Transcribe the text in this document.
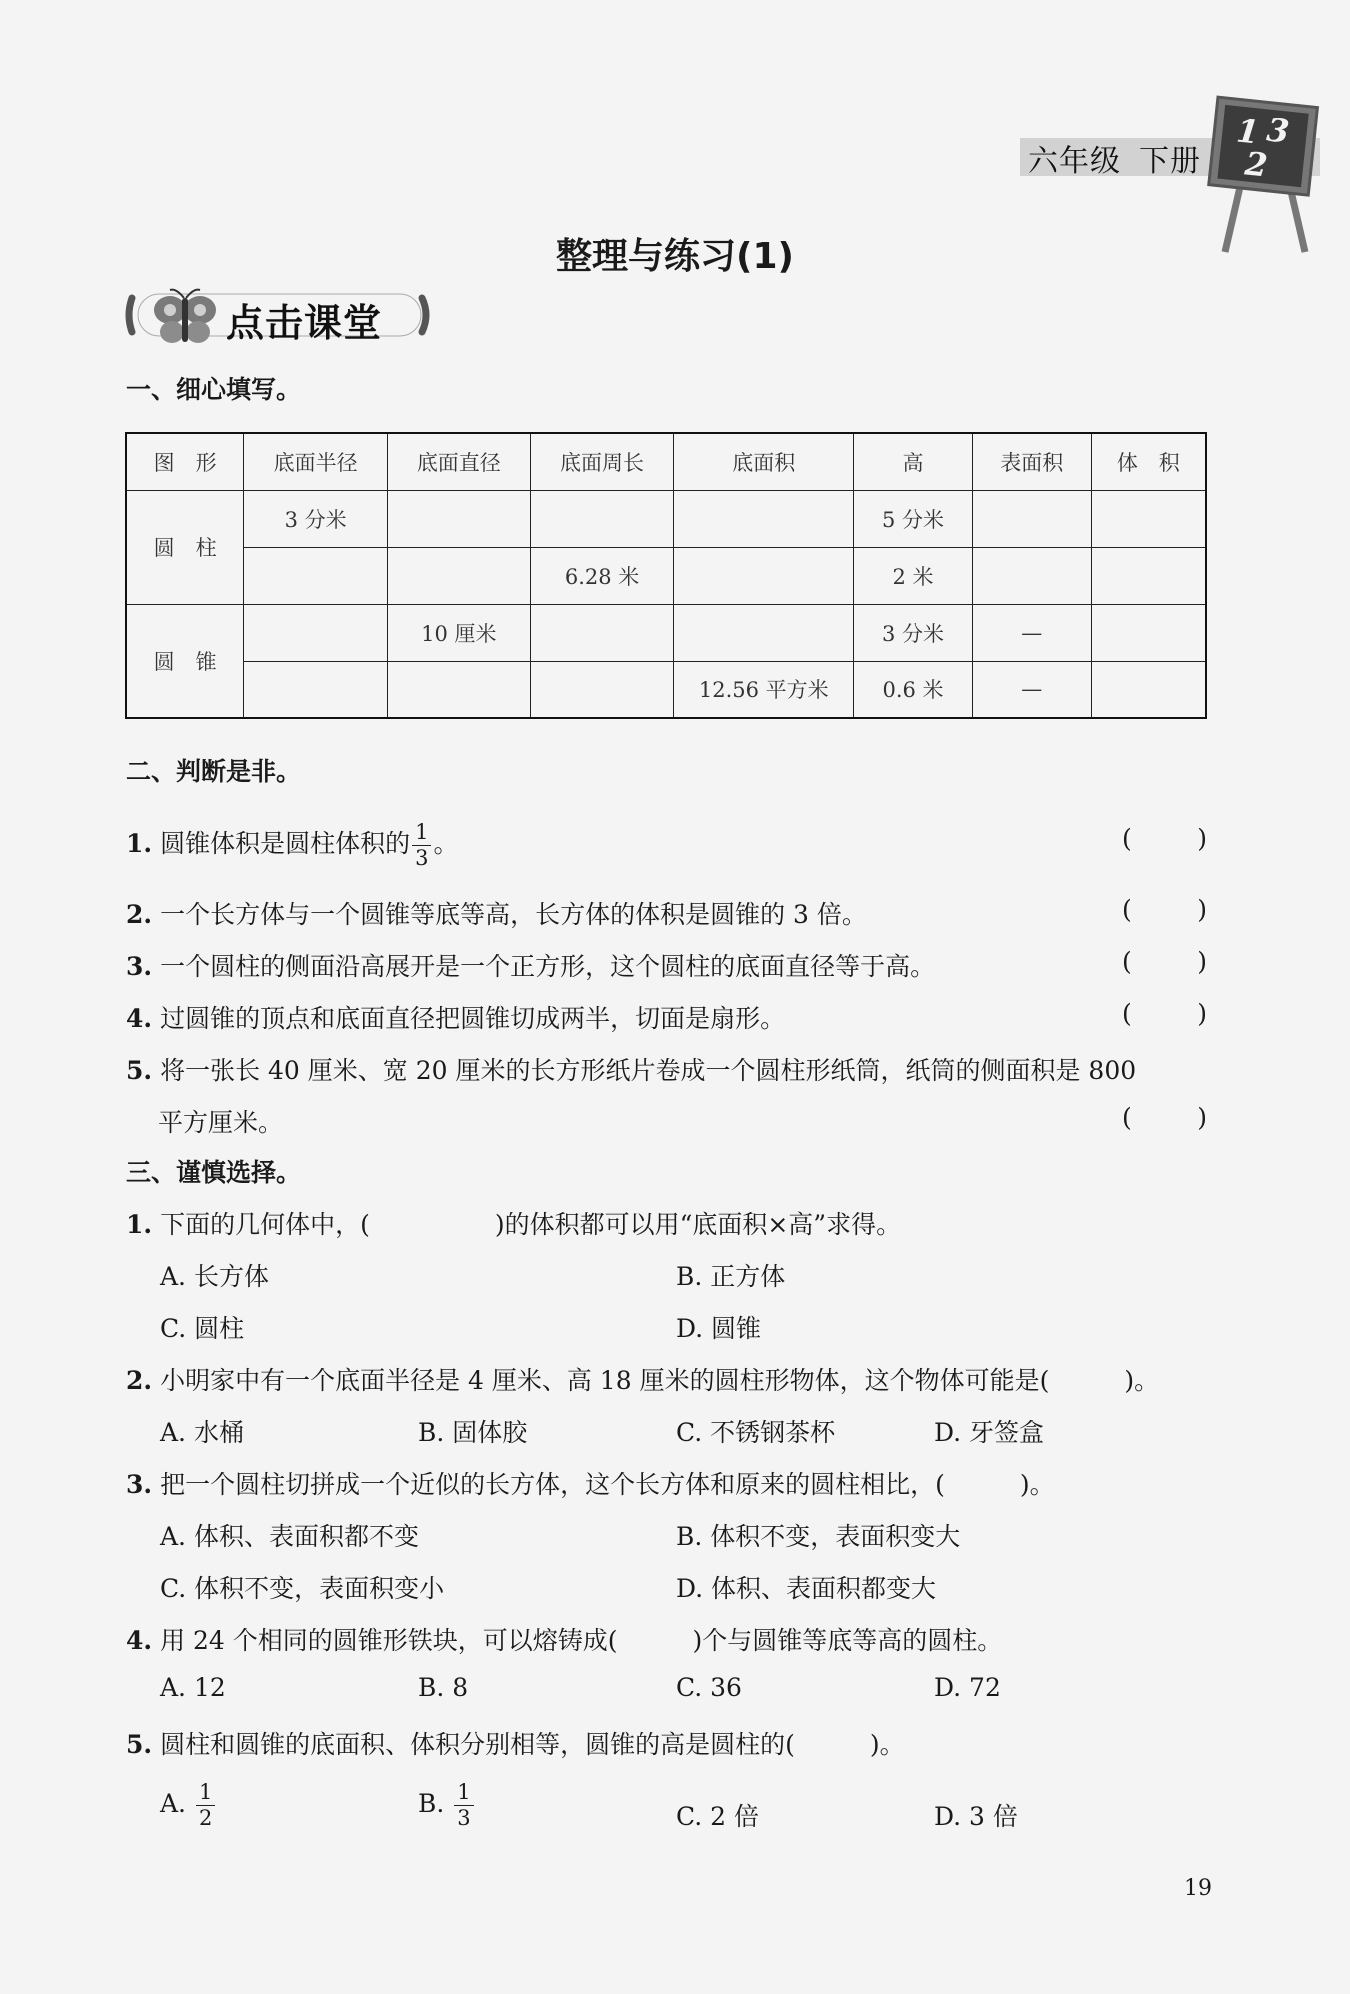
六年级 下册
1 3
2
整理与练习(1)
点击课堂
一、细心填写。
图　形	底面半径	底面直径	底面周长	底面积	高	表面积	体　积
圆　柱	3 分米				5 分米		
			6.28 米		2 米		
圆　锥		10 厘米			3 分米	—	
				12.56 平方米	0.6 米	—	
二、判断是非。
1. 圆锥体积是圆柱体积的 $\frac{1}{3}$ 。	(	)
2. 一个长方体与一个圆锥等底等高，长方体的体积是圆锥的 3 倍。	(	)
3. 一个圆柱的侧面沿高展开是一个正方形，这个圆柱的底面直径等于高。	(	)
4. 过圆锥的顶点和底面直径把圆锥切成两半，切面是扇形。	(	)
5. 将一张长 40 厘米、宽 20 厘米的长方形纸片卷成一个圆柱形纸筒，纸筒的侧面积是 800
平方厘米。	(	)
三、谨慎选择。
1. 下面的几何体中，(　　　　　)的体积都可以用“底面积×高”求得。
A. 长方体	B. 正方体
C. 圆柱	D. 圆锥
2. 小明家中有一个底面半径是 4 厘米、高 18 厘米的圆柱形物体，这个物体可能是(　　　)。
A. 水桶	B. 固体胶	C. 不锈钢茶杯	D. 牙签盒
3. 把一个圆柱切拼成一个近似的长方体，这个长方体和原来的圆柱相比，(　　　)。
A. 体积、表面积都不变	B. 体积不变，表面积变大
C. 体积不变，表面积变小	D. 体积、表面积都变大
4. 用 24 个相同的圆锥形铁块，可以熔铸成(　　　)个与圆锥等底等高的圆柱。
A. 12	B. 8	C. 36	D. 72
5. 圆柱和圆锥的底面积、体积分别相等，圆锥的高是圆柱的(　　　)。
A. $\frac{1}{2}$	B. $\frac{1}{3}$	C. 2 倍	D. 3 倍
19
